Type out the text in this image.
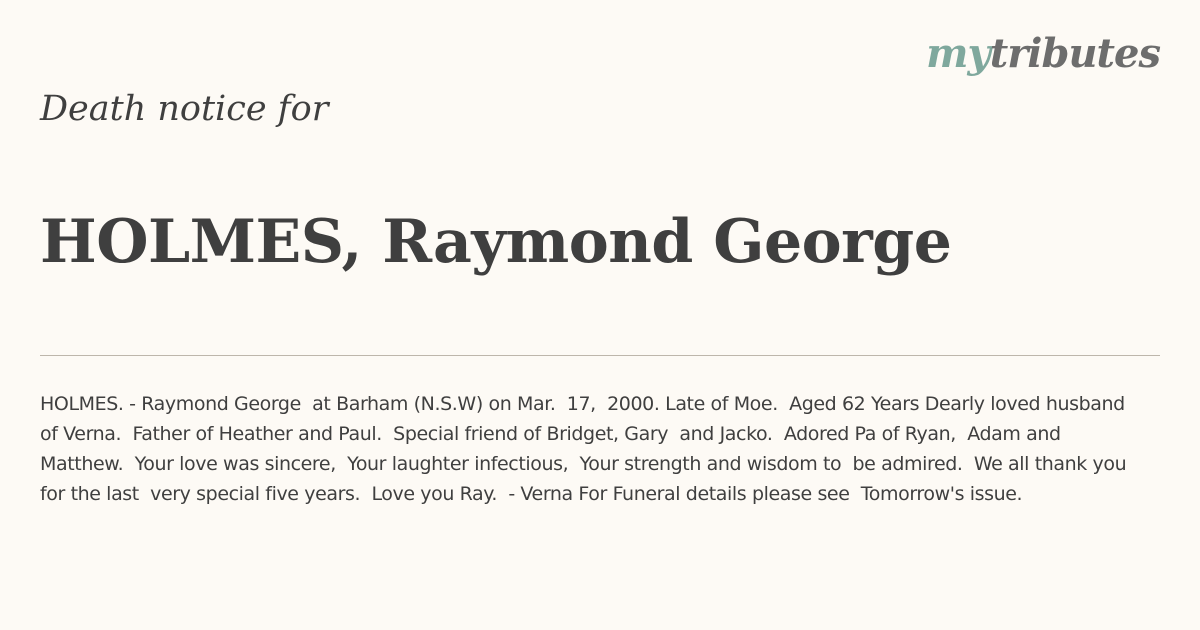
mytributes
Death notice for
HOLMES, Raymond George

HOLMES. - Raymond George  at Barham (N.S.W) on Mar.  17,  2000. Late of Moe.  Aged 62 Years Dearly loved husband of Verna.  Father of Heather and Paul.  Special friend of Bridget, Gary  and Jacko.  Adored Pa of Ryan,  Adam and Matthew.  Your love was sincere,  Your laughter infectious,  Your strength and wisdom to  be admired.  We all thank you for the last  very special five years.  Love you Ray.  - Verna For Funeral details please see  Tomorrow's issue.
